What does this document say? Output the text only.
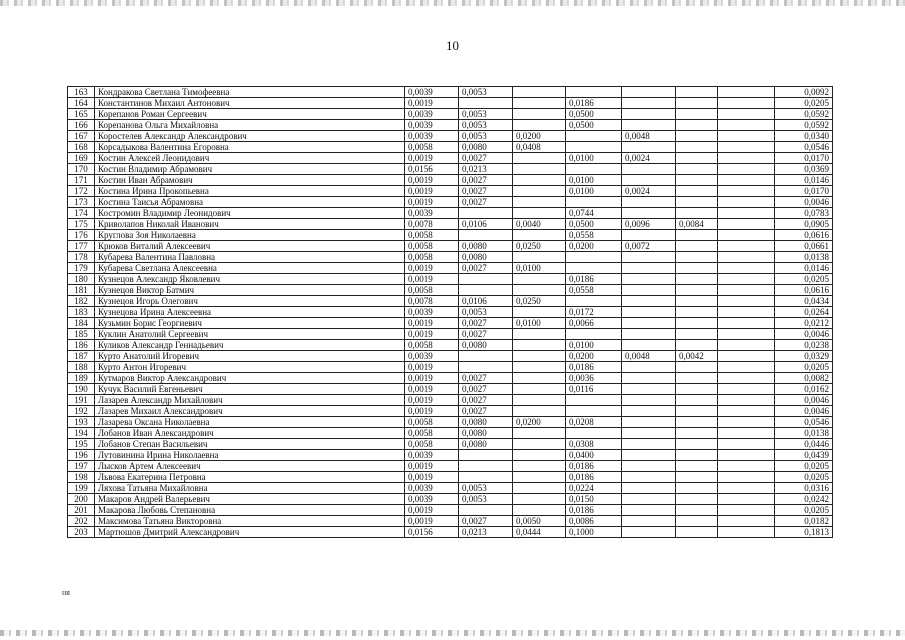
10
163	Кондракова Светлана Тимофеевна	0,0039	0,0053						0,0092
164	Константинов Михаил Антонович	0,0019			0,0186				0,0205
165	Корепанов Роман Сергеевич	0,0039	0,0053		0,0500				0,0592
166	Корепанова Ольга Михайловна	0,0039	0,0053		0,0500				0,0592
167	Коростелев Александр Александрович	0,0039	0,0053	0,0200		0,0048			0,0340
168	Корсадыкова Валентина Егоровна	0,0058	0,0080	0,0408					0,0546
169	Костин Алексей Леонидович	0,0019	0,0027		0,0100	0,0024			0,0170
170	Костин Владимир Абрамович	0,0156	0,0213						0,0369
171	Костин Иван Абрамович	0,0019	0,0027		0,0100				0,0146
172	Костина Ирина Прокопьевна	0,0019	0,0027		0,0100	0,0024			0,0170
173	Костина Таисья Абрамовна	0,0019	0,0027						0,0046
174	Костромин Владимир Леонидович	0,0039			0,0744				0,0783
175	Криволапов Николай Иванович	0,0078	0,0106	0,0040	0,0500	0,0096	0,0084		0,0905
176	Круглова Зоя Николаевна	0,0058			0,0558				0,0616
177	Крюков Виталий Алексеевич	0,0058	0,0080	0,0250	0,0200	0,0072			0,0661
178	Кубарева Валентина Павловна	0,0058	0,0080						0,0138
179	Кубарева Светлана Алексеевна	0,0019	0,0027	0,0100					0,0146
180	Кузнецов Александр Яковлевич	0,0019			0,0186				0,0205
181	Кузнецов Виктор Батмич	0,0058			0,0558				0,0616
182	Кузнецов Игорь Олегович	0,0078	0,0106	0,0250					0,0434
183	Кузнецова Ирина Алексеевна	0,0039	0,0053		0,0172				0,0264
184	Кузьмин Борис Георгиевич	0,0019	0,0027	0,0100	0,0066				0,0212
185	Куклин Анатолий Сергеевич	0,0019	0,0027						0,0046
186	Куликов Александр Геннадьевич	0,0058	0,0080		0,0100				0,0238
187	Курто Анатолий Игоревич	0,0039			0,0200	0,0048	0,0042		0,0329
188	Курто Антон Игоревич	0,0019			0,0186				0,0205
189	Кутмаров Виктор Александрович	0,0019	0,0027		0,0036				0,0082
190	Кучук Василий Евгеньевич	0,0019	0,0027		0,0116				0,0162
191	Лазарев Александр Михайлович	0,0019	0,0027						0,0046
192	Лазарев Михаил Александрович	0,0019	0,0027						0,0046
193	Лазарева Оксана Николаевна	0,0058	0,0080	0,0200	0,0208				0,0546
194	Лобанов Иван Александрович	0,0058	0,0080						0,0138
195	Лобанов Степан Васильевич	0,0058	0,0080		0,0308				0,0446
196	Лутовинина Ирина Николаевна	0,0039			0,0400				0,0439
197	Лысков Артем Алексеевич	0,0019			0,0186				0,0205
198	Львова Екатерина Петровна	0,0019			0,0186				0,0205
199	Ляхова Татьяна Михайловна	0,0039	0,0053		0,0224				0,0316
200	Макаров Андрей Валерьевич	0,0039	0,0053		0,0150				0,0242
201	Макарова Любовь Степановна	0,0019			0,0186				0,0205
202	Максимова Татьяна Викторовна	0,0019	0,0027	0,0050	0,0086				0,0182
203	Мартюшов Дмитрий Александрович	0,0156	0,0213	0,0444	0,1000				0,1813
ня
